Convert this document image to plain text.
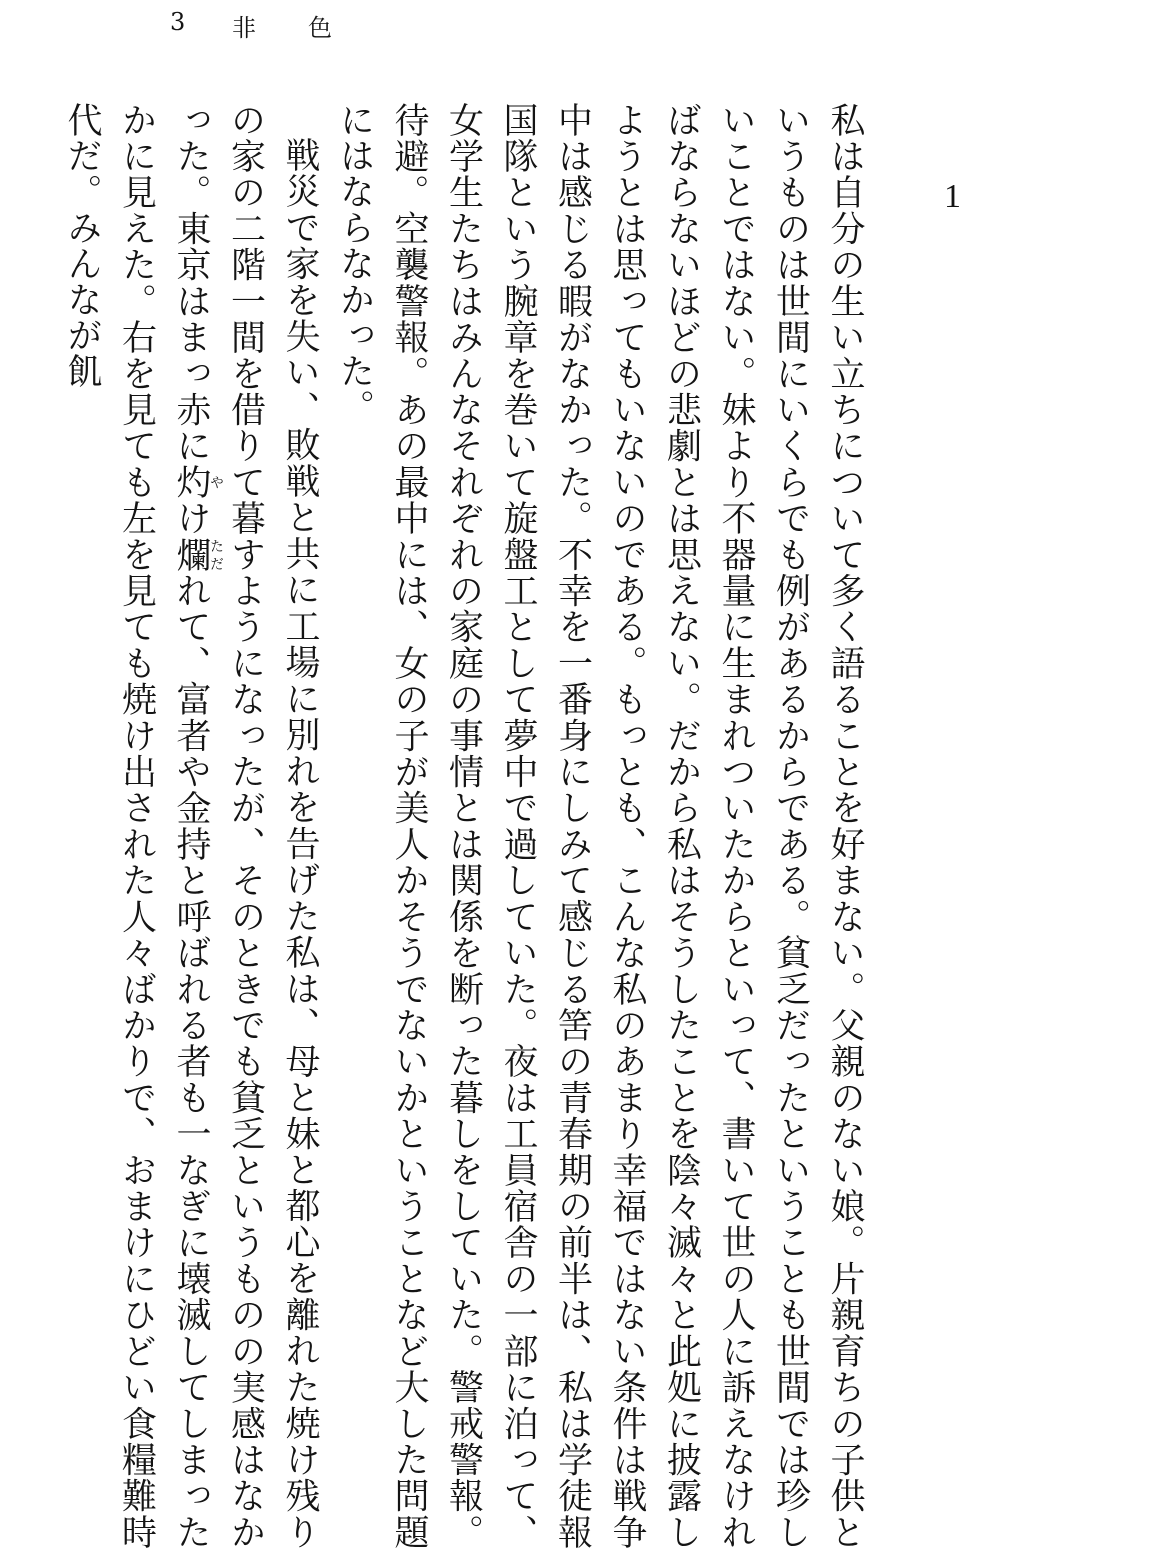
3	非	色
1

私は自分の生い立ちについて多く語ることを好まない。父親のない娘。片親育ちの子供というものは世間にいくらでも例があるからである。貧乏だったということも世間では珍しいことではない。妹より不器量に生まれついたからといって、書いて世の人に訴えなければならないほどの悲劇とは思えない。だから私はそうしたことを陰々滅々と此処に披露しようとは思ってもいないのである。もっとも、こんな私のあまり幸福ではない条件は戦争中は感じる暇がなかった。不幸を一番身にしみて感じる筈の青春期の前半は、私は学徒報国隊という腕章を巻いて旋盤工として夢中で過していた。夜は工員宿舎の一部に泊って、女学生たちはみんなそれぞれの家庭の事情とは関係を断った暮しをしていた。警戒警報。待避。空襲警報。あの最中には、女の子が美人かそうでないかということなど大した問題にはならなかった。

戦災で家を失い、敗戦と共に工場に別れを告げた私は、母と妹と都心を離れた焼け残りの家の二階一間を借りて暮すようになったが、そのときでも貧乏というものの実感はなかった。東京はまっ赤に灼やけ爛ただれて、富者や金持と呼ばれる者も一なぎに壊滅してしまったかに見えた。右を見ても左を見ても焼け出された人々ばかりで、おまけにひどい食糧難時代だ。みんなが飢
